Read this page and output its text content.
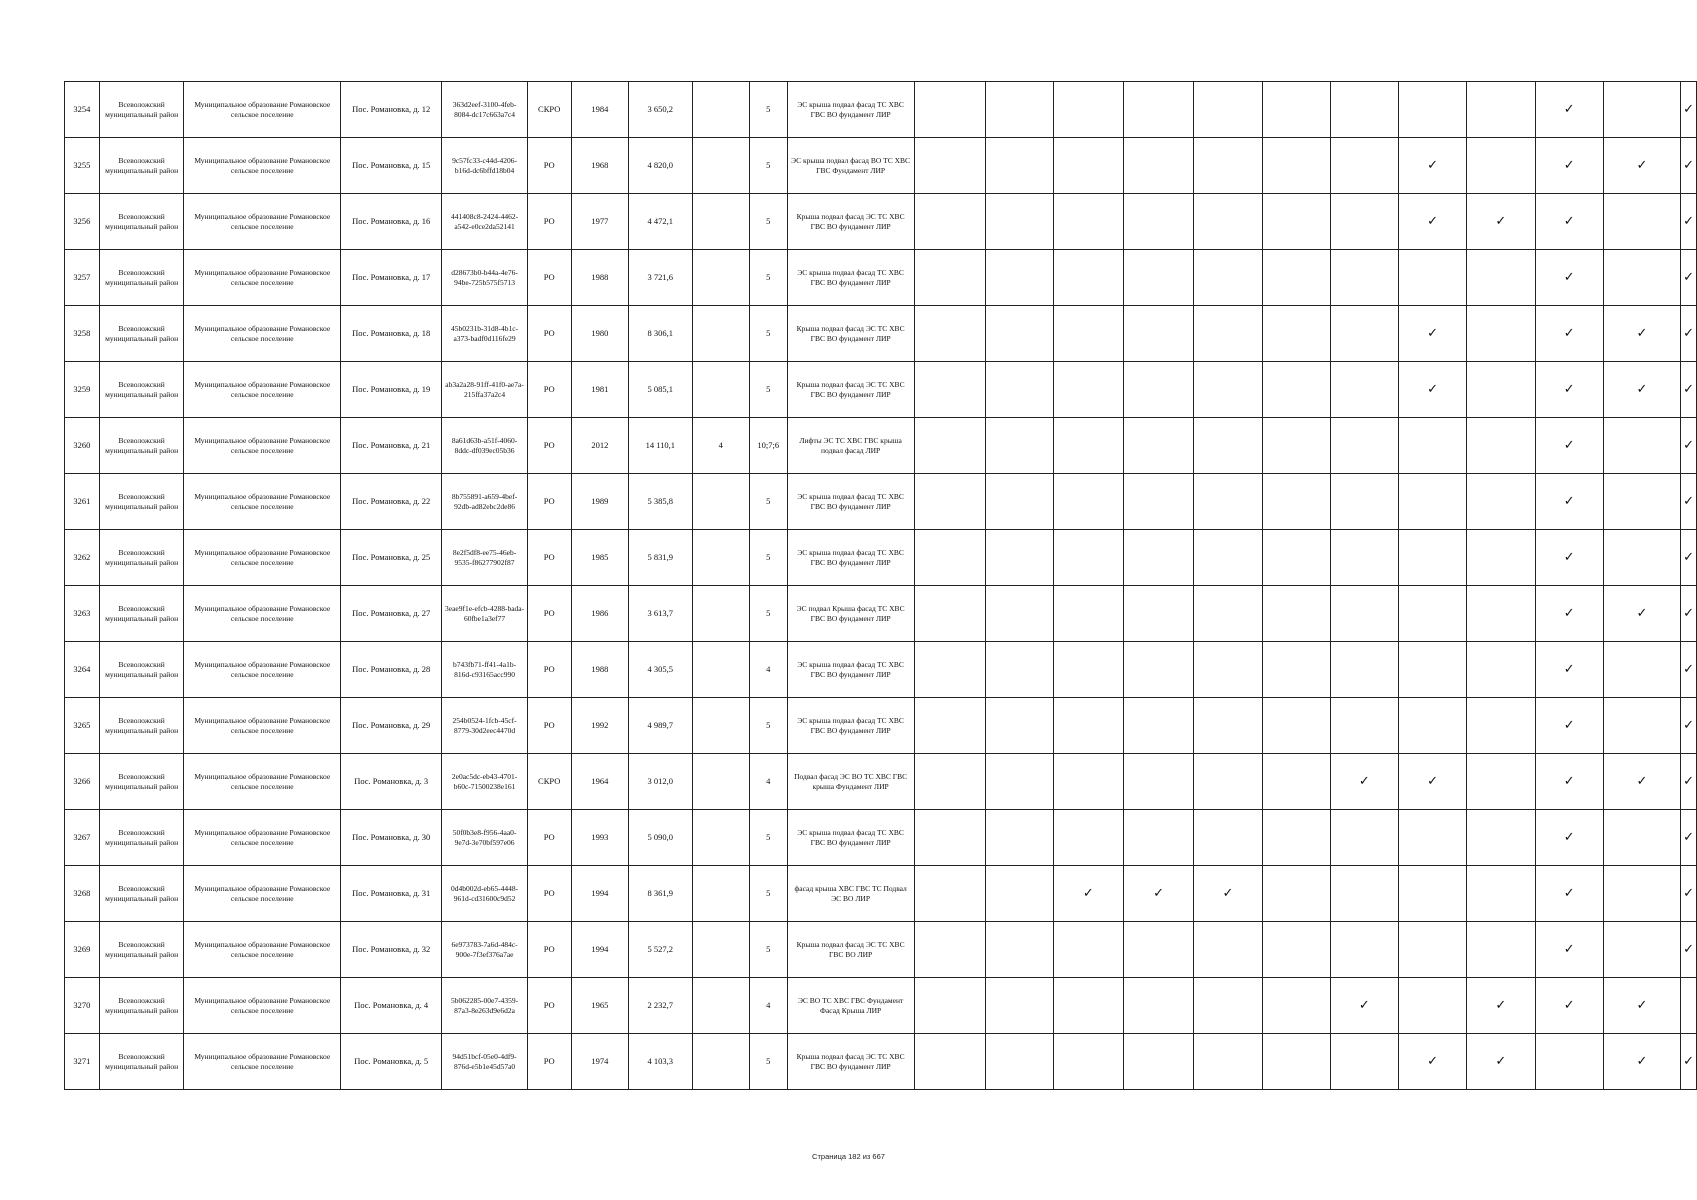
3254	Всеволожский муниципальный район	Муниципальное образование Романовское сельское поселение	Пос. Романовка, д. 12	363d2eef-3100-4feb-8084-dc17c663a7c4	СКРО	1984	3 650,2		5	ЭС крыша подвал фасад ТС ХВС ГВС ВО фундамент ЛИР										✓		✓
3255	Всеволожский муниципальный район	Муниципальное образование Романовское сельское поселение	Пос. Романовка, д. 15	9c57fc33-c44d-4206-b16d-dc6bffd18b04	РО	1968	4 820,0		5	ЭС крыша подвал фасад ВО ТС ХВС ГВС Фундамент ЛИР								✓		✓	✓	✓
3256	Всеволожский муниципальный район	Муниципальное образование Романовское сельское поселение	Пос. Романовка, д. 16	441408c8-2424-4462-a542-e0ce2da52141	РО	1977	4 472,1		5	Крыша подвал фасад ЭС ТС ХВС ГВС ВО фундамент ЛИР								✓	✓	✓		✓
3257	Всеволожский муниципальный район	Муниципальное образование Романовское сельское поселение	Пос. Романовка, д. 17	d28673b0-b44a-4e76-94be-725b575f5713	РО	1988	3 721,6		5	ЭС крыша подвал фасад ТС ХВС ГВС ВО фундамент ЛИР										✓		✓
3258	Всеволожский муниципальный район	Муниципальное образование Романовское сельское поселение	Пос. Романовка, д. 18	45b0231b-31d8-4b1c-a373-badf0d116fe29	РО	1980	8 306,1		5	Крыша подвал фасад ЭС ТС ХВС ГВС ВО фундамент ЛИР								✓		✓	✓	✓
3259	Всеволожский муниципальный район	Муниципальное образование Романовское сельское поселение	Пос. Романовка, д. 19	ab3a2a28-91ff-41f0-ae7a-215ffa37a2c4	РО	1981	5 085,1		5	Крыша подвал фасад ЭС ТС ХВС ГВС ВО фундамент ЛИР								✓		✓	✓	✓
3260	Всеволожский муниципальный район	Муниципальное образование Романовское сельское поселение	Пос. Романовка, д. 21	8a61d63b-a51f-4060-8ddc-df039ec05b36	РО	2012	14 110,1	4	10;7;6	Лифты ЭС ТС ХВС ГВС крыша подвал фасад ЛИР										✓		✓
3261	Всеволожский муниципальный район	Муниципальное образование Романовское сельское поселение	Пос. Романовка, д. 22	8b755891-a659-4bef-92db-ad82ebc2de86	РО	1989	5 385,8		5	ЭС крыша подвал фасад ТС ХВС ГВС ВО фундамент ЛИР										✓		✓
3262	Всеволожский муниципальный район	Муниципальное образование Романовское сельское поселение	Пос. Романовка, д. 25	8e2f5df8-ee75-46eb-9535-f86277902f87	РО	1985	5 831,9		5	ЭС крыша подвал фасад ТС ХВС ГВС ВО фундамент ЛИР										✓		✓
3263	Всеволожский муниципальный район	Муниципальное образование Романовское сельское поселение	Пос. Романовка, д. 27	3eae9f1e-efcb-4288-bada-60fbe1a3ef77	РО	1986	3 613,7		5	ЭС подвал Крыша фасад ТС ХВС ГВС ВО фундамент ЛИР										✓	✓	✓
3264	Всеволожский муниципальный район	Муниципальное образование Романовское сельское поселение	Пос. Романовка, д. 28	b743fb71-ff41-4a1b-816d-c93165acc990	РО	1988	4 305,5		4	ЭС крыша подвал фасад ТС ХВС ГВС ВО фундамент ЛИР										✓		✓
3265	Всеволожский муниципальный район	Муниципальное образование Романовское сельское поселение	Пос. Романовка, д. 29	254b0524-1fcb-45cf-8779-30d2eec4470d	РО	1992	4 989,7		5	ЭС крыша подвал фасад ТС ХВС ГВС ВО фундамент ЛИР										✓		✓
3266	Всеволожский муниципальный район	Муниципальное образование Романовское сельское поселение	Пос. Романовка, д. 3	2e0ac5dc-eb43-4701-b60c-71500238e161	СКРО	1964	3 012,0		4	Подвал фасад ЭС ВО ТС ХВС ГВС крыша Фундамент ЛИР							✓	✓		✓	✓	✓
3267	Всеволожский муниципальный район	Муниципальное образование Романовское сельское поселение	Пос. Романовка, д. 30	50f0b3e8-f956-4aa0-9e7d-3e70bf597e06	РО	1993	5 090,0		5	ЭС крыша подвал фасад ТС ХВС ГВС ВО фундамент ЛИР										✓		✓
3268	Всеволожский муниципальный район	Муниципальное образование Романовское сельское поселение	Пос. Романовка, д. 31	0d4b002d-eb65-4448-961d-cd31600c9d52	РО	1994	8 361,9		5	фасад крыша ХВС ГВС ТС Подвал ЭС ВО ЛИР			✓	✓	✓					✓		✓
3269	Всеволожский муниципальный район	Муниципальное образование Романовское сельское поселение	Пос. Романовка, д. 32	6e973783-7a6d-484c-900e-7f3ef376a7ae	РО	1994	5 527,2		5	Крыша подвал фасад ЭС ТС ХВС ГВС ВО ЛИР										✓		✓
3270	Всеволожский муниципальный район	Муниципальное образование Романовское сельское поселение	Пос. Романовка, д. 4	5b062285-00e7-4359-87a3-8e263d9e6d2a	РО	1965	2 232,7		4	ЭС ВО ТС ХВС ГВС Фундамент Фасад Крыша ЛИР							✓		✓	✓	✓	
3271	Всеволожский муниципальный район	Муниципальное образование Романовское сельское поселение	Пос. Романовка, д. 5	94d51bcf-05e0-4df9-876d-e5b1e45d57a0	РО	1974	4 103,3		5	Крыша подвал фасад ЭС ТС ХВС ГВС ВО фундамент ЛИР								✓	✓		✓	✓
Страница 182 из 667
